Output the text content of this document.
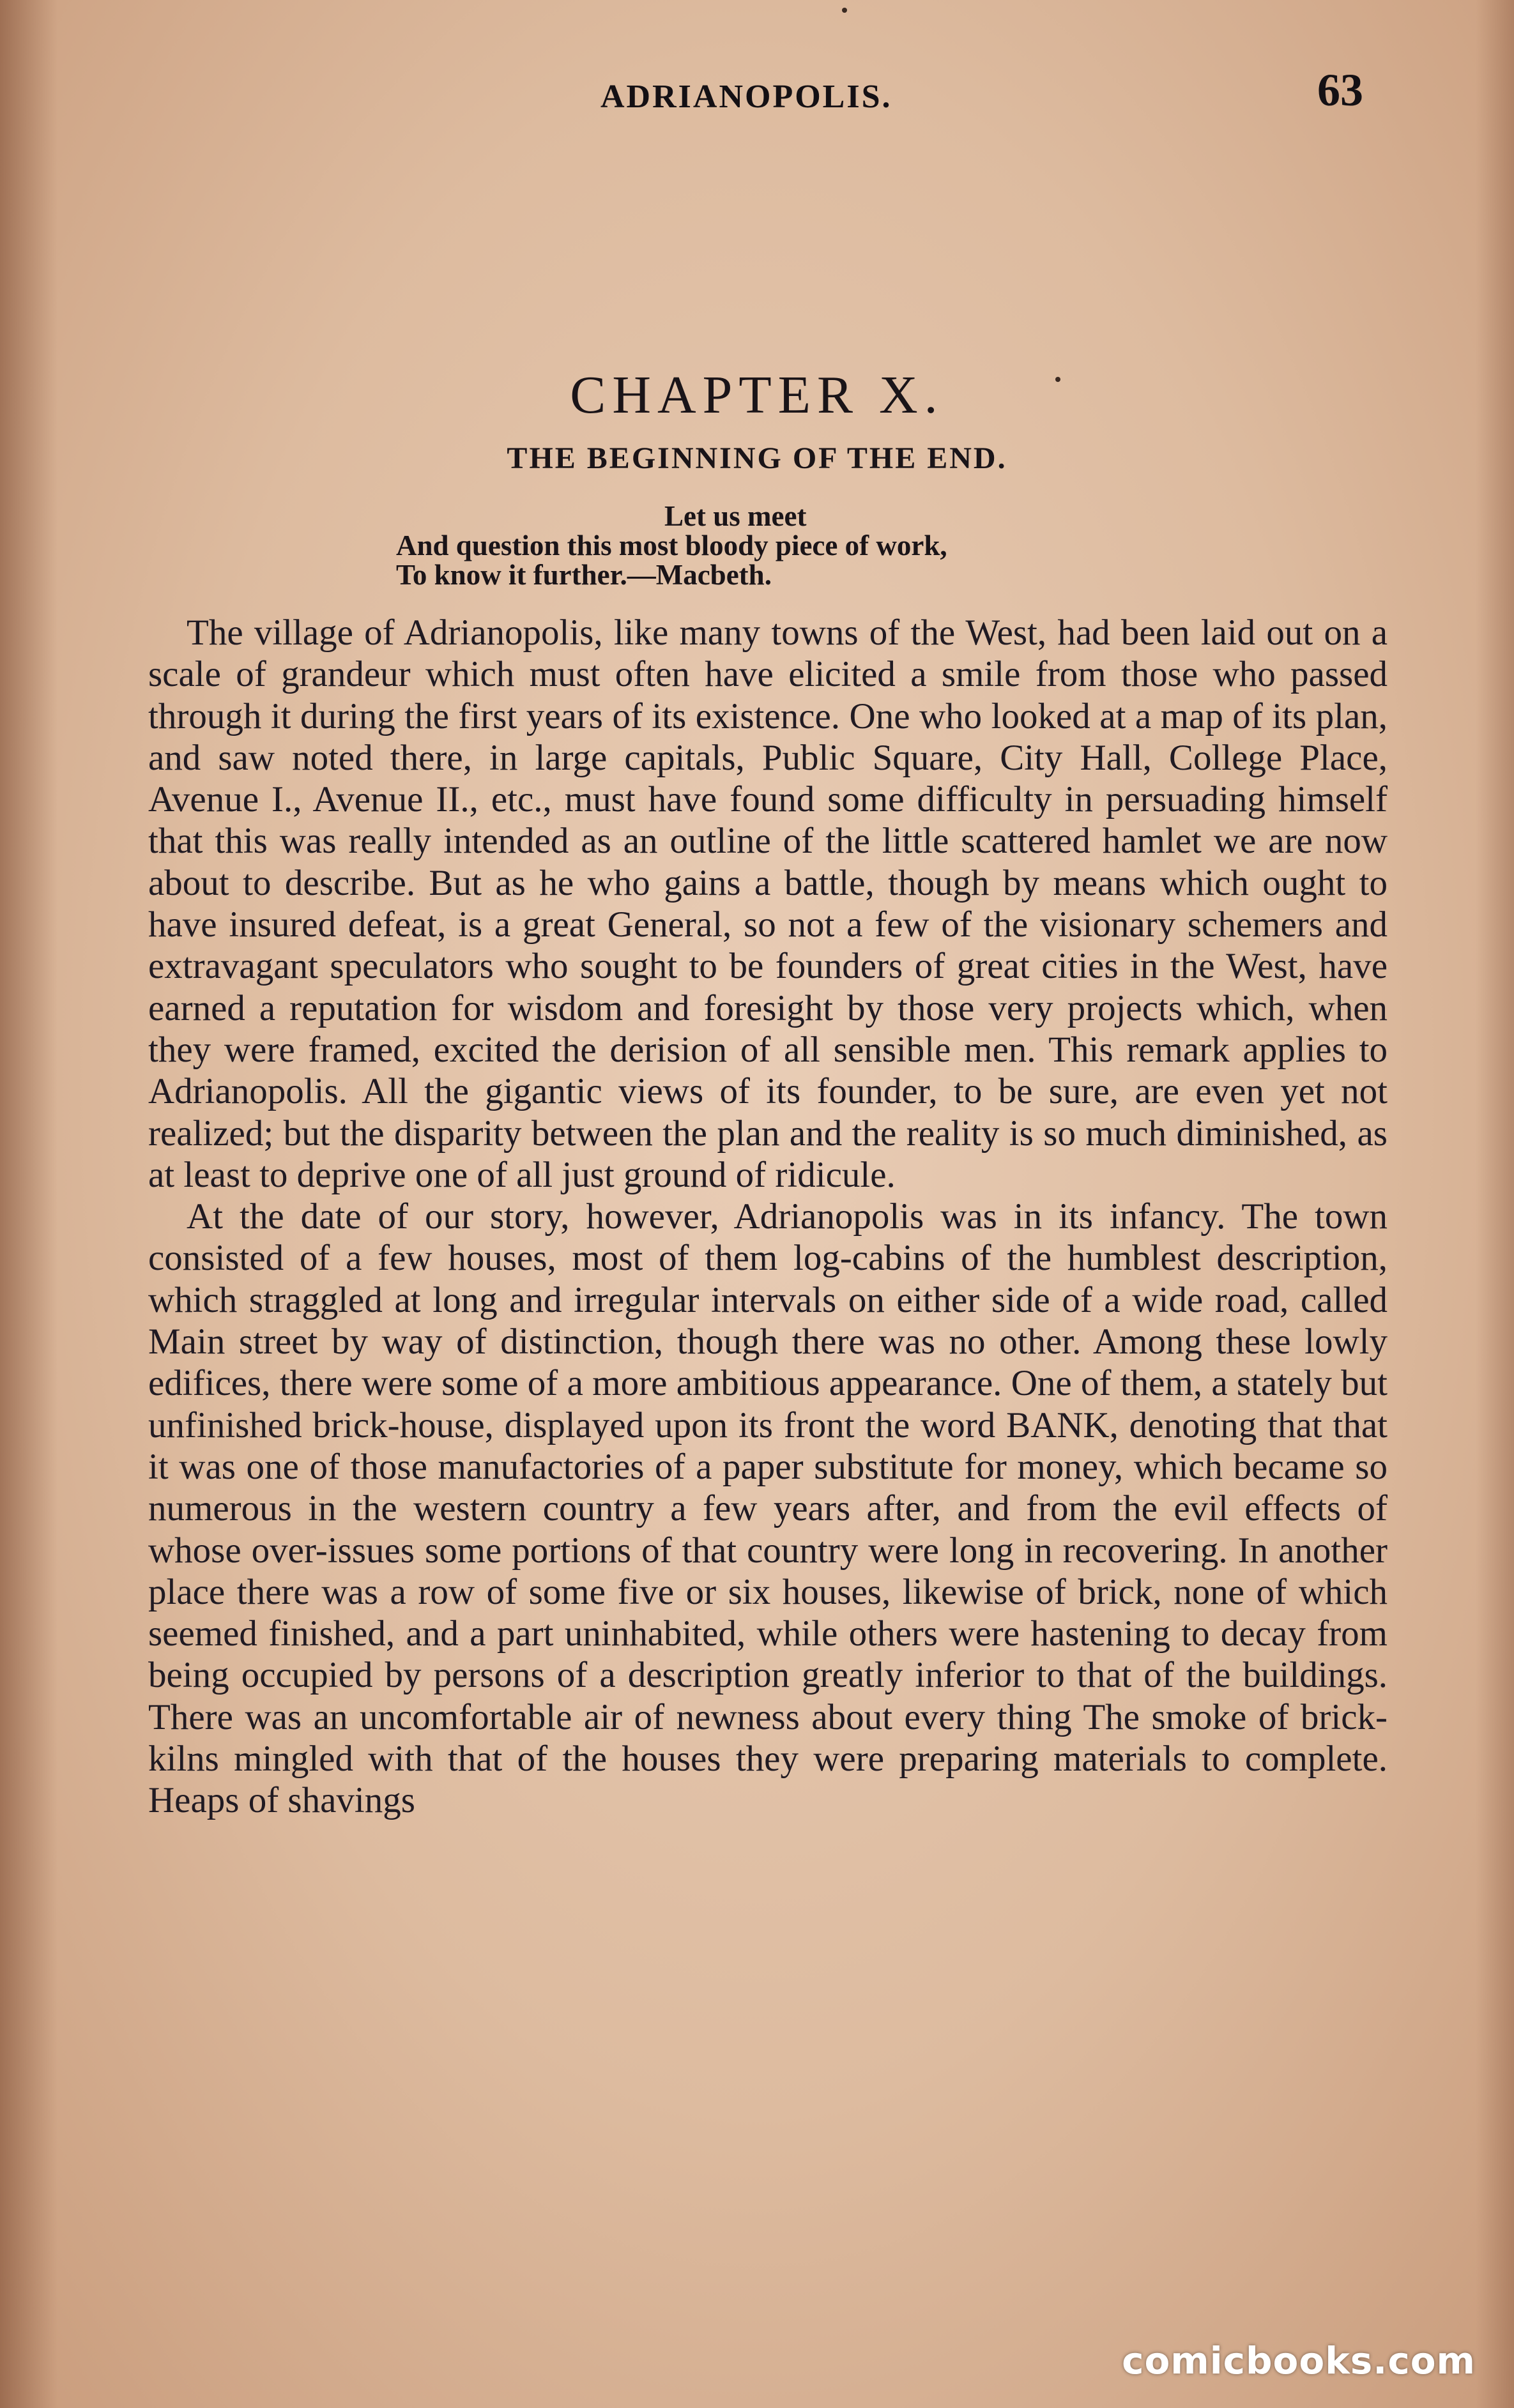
ADRIANOPOLIS.	63
CHAPTER X.
THE BEGINNING OF THE END.
Let us meet
And question this most bloody piece of work,
To know it further.—Macbeth.

The village of Adrianopolis, like many towns of the West, had been laid out on a scale of grandeur which must often have elicited a smile from those who passed through it during the first years of its existence. One who looked at a map of its plan, and saw noted there, in large capitals, Public Square, City Hall, College Place, Avenue I., Avenue II., etc., must have found some difficulty in persuading himself that this was really intended as an outline of the little scattered hamlet we are now about to describe. But as he who gains a battle, though by means which ought to have insured defeat, is a great General, so not a few of the visionary schemers and extravagant speculators who sought to be founders of great cities in the West, have earned a reputation for wisdom and foresight by those very projects which, when they were framed, excited the derision of all sensible men. This remark applies to Adrianopolis. All the gigantic views of its founder, to be sure, are even yet not realized; but the disparity between the plan and the reality is so much diminished, as at least to deprive one of all just ground of ridicule.

At the date of our story, however, Adrianopolis was in its infancy. The town consisted of a few houses, most of them log-cabins of the humblest description, which straggled at long and irregular intervals on either side of a wide road, called Main street by way of distinction, though there was no other. Among these lowly edifices, there were some of a more ambitious appearance. One of them, a stately but unfinished brick-house, displayed upon its front the word BANK, denoting that that it was one of those manufactories of a paper substitute for money, which became so numerous in the western country a few years after, and from the evil effects of whose over-issues some portions of that country were long in recovering. In another place there was a row of some five or six houses, likewise of brick, none of which seemed finished, and a part uninhabited, while others were hastening to decay from being occupied by persons of a description greatly inferior to that of the buildings. There was an uncomfortable air of newness about every thing The smoke of brick-kilns mingled with that of the houses they were preparing materials to complete. Heaps of shavings

comicbooks.com
